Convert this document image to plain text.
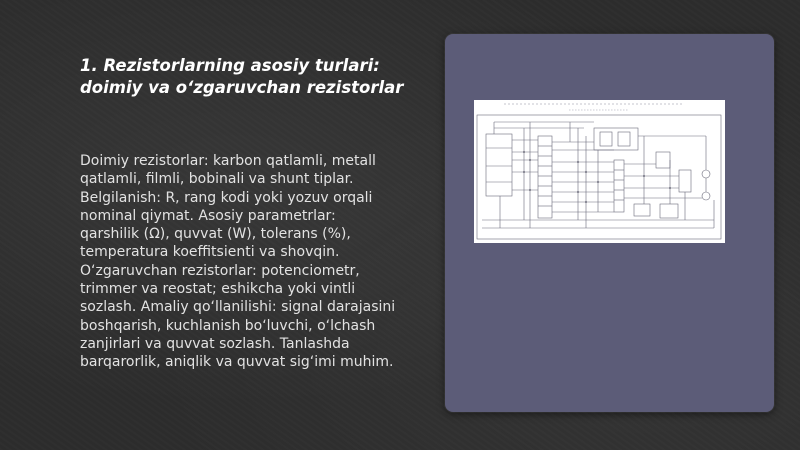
1. Rezistorlarning asosiy turlari:
doimiy va o‘zgaruvchan rezistorlar
Doimiy rezistorlar: karbon qatlamli, metall
qatlamli, filmli, bobinali va shunt tiplar.
Belgilanish: R, rang kodi yoki yozuv orqali
nominal qiymat. Asosiy parametrlar:
qarshilik (Ω), quvvat (W), tolerans (%),
temperatura koeffitsienti va shovqin.
O‘zgaruvchan rezistorlar: potenciometr,
trimmer va reostat; eshikcha yoki vintli
sozlash. Amaliy qo‘llanilishi: signal darajasini
boshqarish, kuchlanish bo‘luvchi, o‘lchash
zanjirlari va quvvat sozlash. Tanlashda
barqarorlik, aniqlik va quvvat sig‘imi muhim.
